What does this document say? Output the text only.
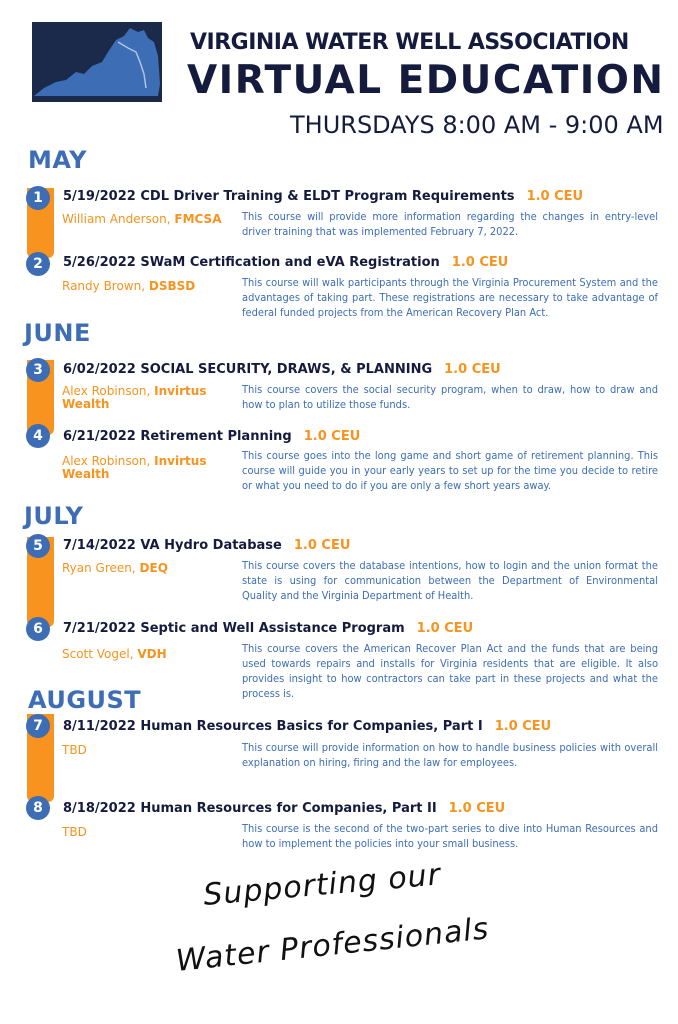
VIRGINIA WATER WELL ASSOCIATION
VIRTUAL EDUCATION
THURSDAYS 8:00 AM - 9:00 AM
MAY
JUNE
JULY
AUGUST
1	5/19/2022 CDL Driver Training & ELDT Program Requirements 1.0 CEU
William Anderson, FMCSA	This course will provide more information regarding the changes in entry-level driver training that was implemented February 7, 2022.
2	5/26/2022 SWaM Certification and eVA Registration 1.0 CEU
Randy Brown, DSBSD	This course will walk participants through the Virginia Procurement System and the advantages of taking part. These registrations are necessary to take advantage of federal funded projects from the American Recovery Plan Act.
3	6/02/2022 SOCIAL SECURITY, DRAWS, & PLANNING 1.0 CEU
Alex Robinson, Invirtus Wealth
This course covers the social security program, when to draw, how to draw and how to plan to utilize those funds.
4	6/21/2022 Retirement Planning 1.0 CEU
Alex Robinson, Invirtus Wealth
This course goes into the long game and short game of retirement planning. This course will guide you in your early years to set up for the time you decide to retire or what you need to do if you are only a few short years away.
5	7/14/2022 VA Hydro Database 1.0 CEU
Ryan Green, DEQ	This course covers the database intentions, how to login and the union format the state is using for communication between the Department of Environmental Quality and the Virginia Department of Health.
6	7/21/2022 Septic and Well Assistance Program 1.0 CEU
Scott Vogel, VDH	This course covers the American Recover Plan Act and the funds that are being used towards repairs and installs for Virginia residents that are eligible. It also provides insight to how contractors can take part in these projects and what the process is.
7	8/11/2022 Human Resources Basics for Companies, Part I 1.0 CEU
TBD	This course will provide information on how to handle business policies with overall explanation on hiring, firing and the law for employees.
8	8/18/2022 Human Resources for Companies, Part II 1.0 CEU
TBD	This course is the second of the two-part series to dive into Human Resources and how to implement the policies into your small business.
Supporting our
Water Professionals
